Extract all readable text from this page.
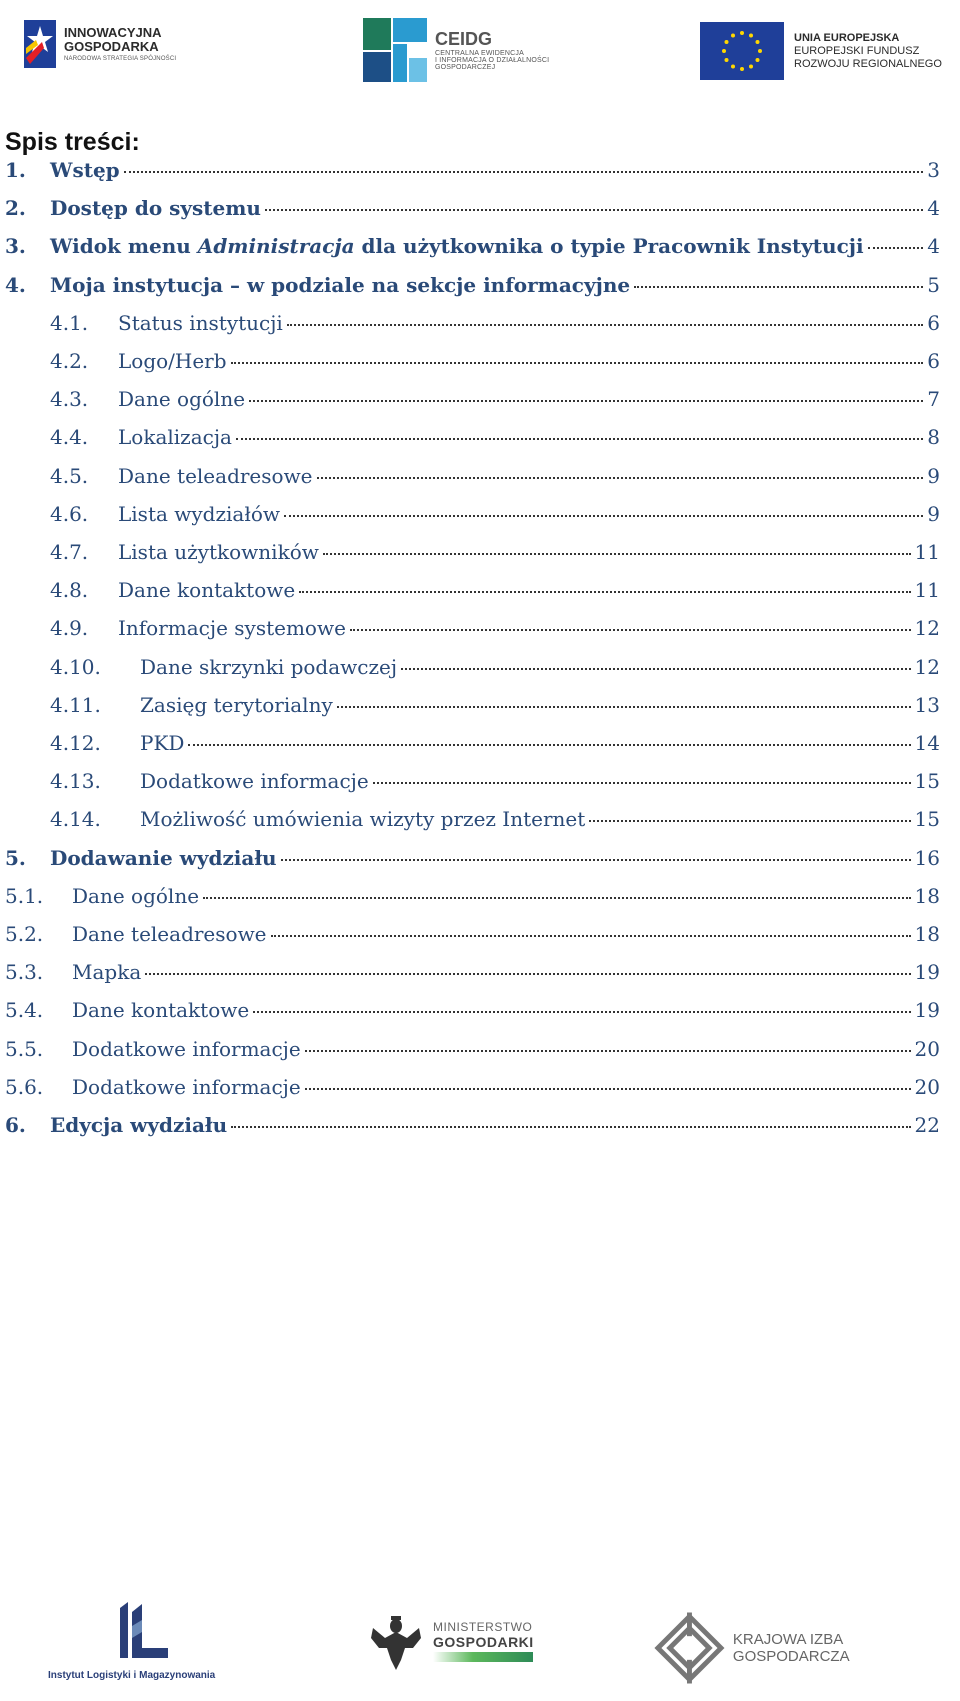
INNOWACYJNA
GOSPODARKA
NARODOWA STRATEGIA SPÓJNOŚCI
CEIDG
CENTRALNA EWIDENCJA
I INFORMACJA O DZIAŁALNOŚCI
GOSPODARCZEJ
UNIA EUROPEJSKA
EUROPEJSKI FUNDUSZ
ROZWOJU REGIONALNEGO
Spis treści:
1. Wstęp	3
2. Dostęp do systemu	4
3. Widok menu Administracja dla użytkownika o typie Pracownik Instytucji	4
4. Moja instytucja – w podziale na sekcje informacyjne	5
4.1. Status instytucji	6
4.2. Logo/Herb	6
4.3. Dane ogólne	7
4.4. Lokalizacja	8
4.5. Dane teleadresowe	9
4.6. Lista wydziałów	9
4.7. Lista użytkowników	11
4.8. Dane kontaktowe	11
4.9. Informacje systemowe	12
4.10. Dane skrzynki podawczej	12
4.11. Zasięg terytorialny	13
4.12. PKD	14
4.13. Dodatkowe informacje	15
4.14. Możliwość umówienia wizyty przez Internet	15
5. Dodawanie wydziału	16
5.1. Dane ogólne	18
5.2. Dane teleadresowe	18
5.3. Mapka	19
5.4. Dane kontaktowe	19
5.5. Dodatkowe informacje	20
5.6. Dodatkowe informacje	20
6. Edycja wydziału	22
Instytut Logistyki i Magazynowania
MINISTERSTWO
GOSPODARKI	KRAJOWA IZBA GOSPODARCZA
